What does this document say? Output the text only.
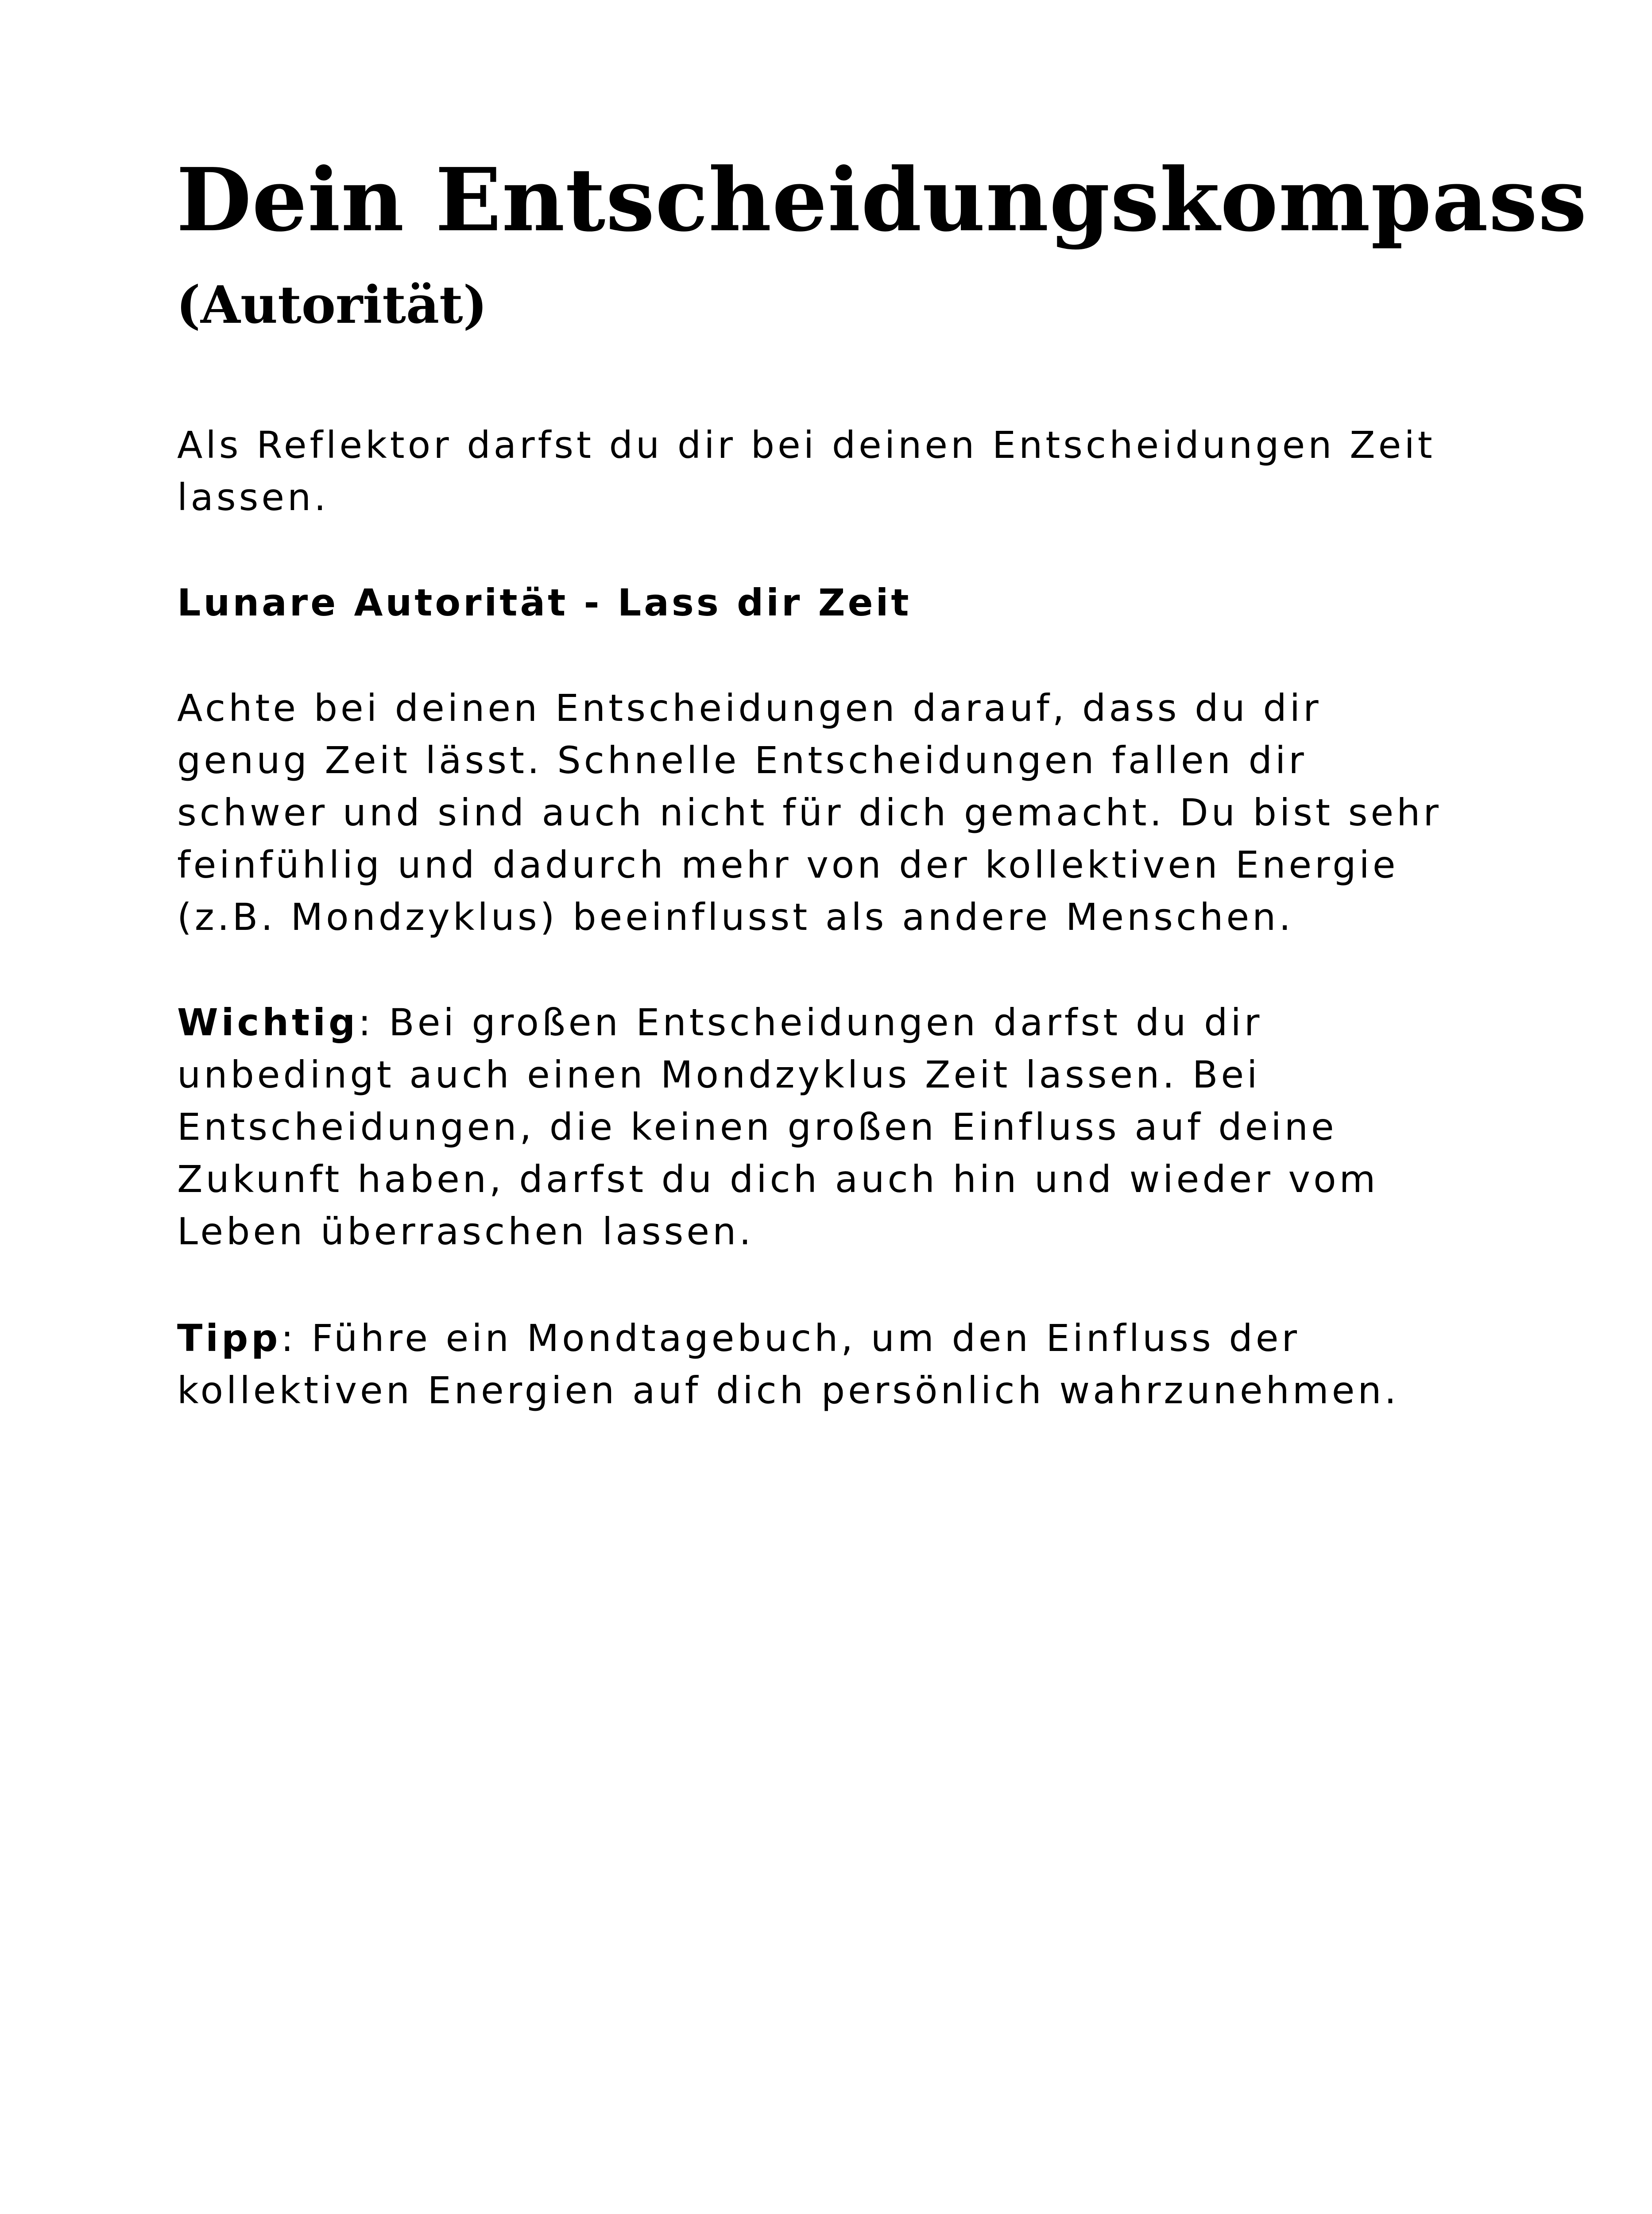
Dein Entscheidungskompass
(Autorität)

Als Reflektor darfst du dir bei deinen Entscheidungen Zeit
lassen.

Lunare Autorität - Lass dir Zeit

Achte bei deinen Entscheidungen darauf, dass du dir
genug Zeit lässt. Schnelle Entscheidungen fallen dir
schwer und sind auch nicht für dich gemacht. Du bist sehr
feinfühlig und dadurch mehr von der kollektiven Energie
(z.B. Mondzyklus) beeinflusst als andere Menschen.

Wichtig: Bei großen Entscheidungen darfst du dir
unbedingt auch einen Mondzyklus Zeit lassen. Bei
Entscheidungen, die keinen großen Einfluss auf deine
Zukunft haben, darfst du dich auch hin und wieder vom
Leben überraschen lassen.

Tipp: Führe ein Mondtagebuch, um den Einfluss der
kollektiven Energien auf dich persönlich wahrzunehmen.
